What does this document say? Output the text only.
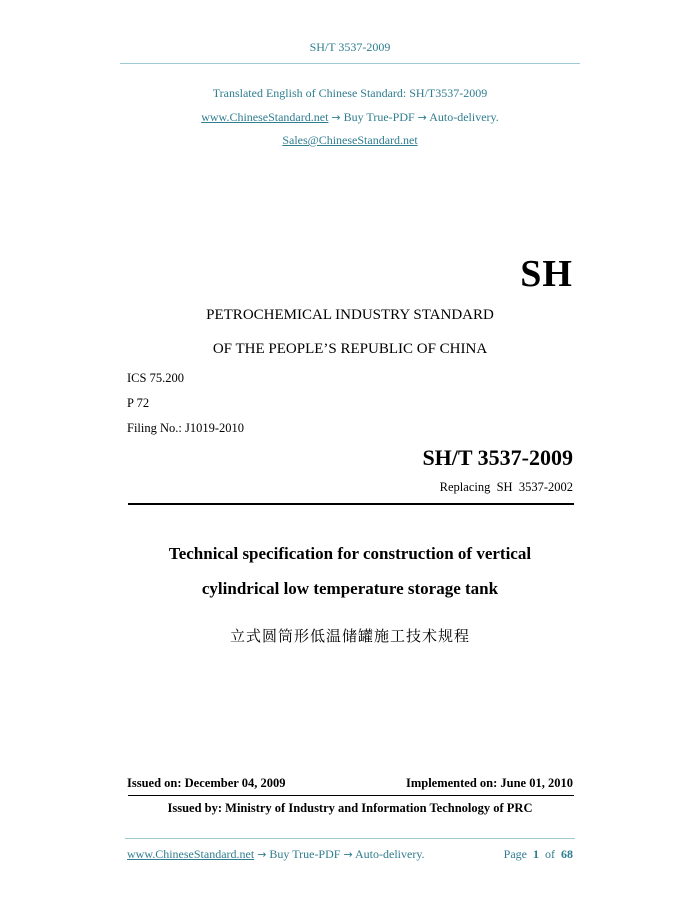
SH/T 3537-2009
Translated English of Chinese Standard: SH/T3537-2009
www.ChineseStandard.net → Buy True-PDF → Auto-delivery.
Sales@ChineseStandard.net
SH
PETROCHEMICAL INDUSTRY STANDARD
OF THE PEOPLE’S REPUBLIC OF CHINA
ICS 75.200
P 72
Filing No.: J1019-2010
SH/T 3537-2009
Replacing  SH  3537-2002
Technical specification for construction of vertical
cylindrical low temperature storage tank
立式圆筒形低温储罐施工技术规程
Issued on: December 04, 2009	Implemented on: June 01, 2010
Issued by: Ministry of Industry and Information Technology of PRC
www.ChineseStandard.net → Buy True-PDF → Auto-delivery.	Page 1 of 68
